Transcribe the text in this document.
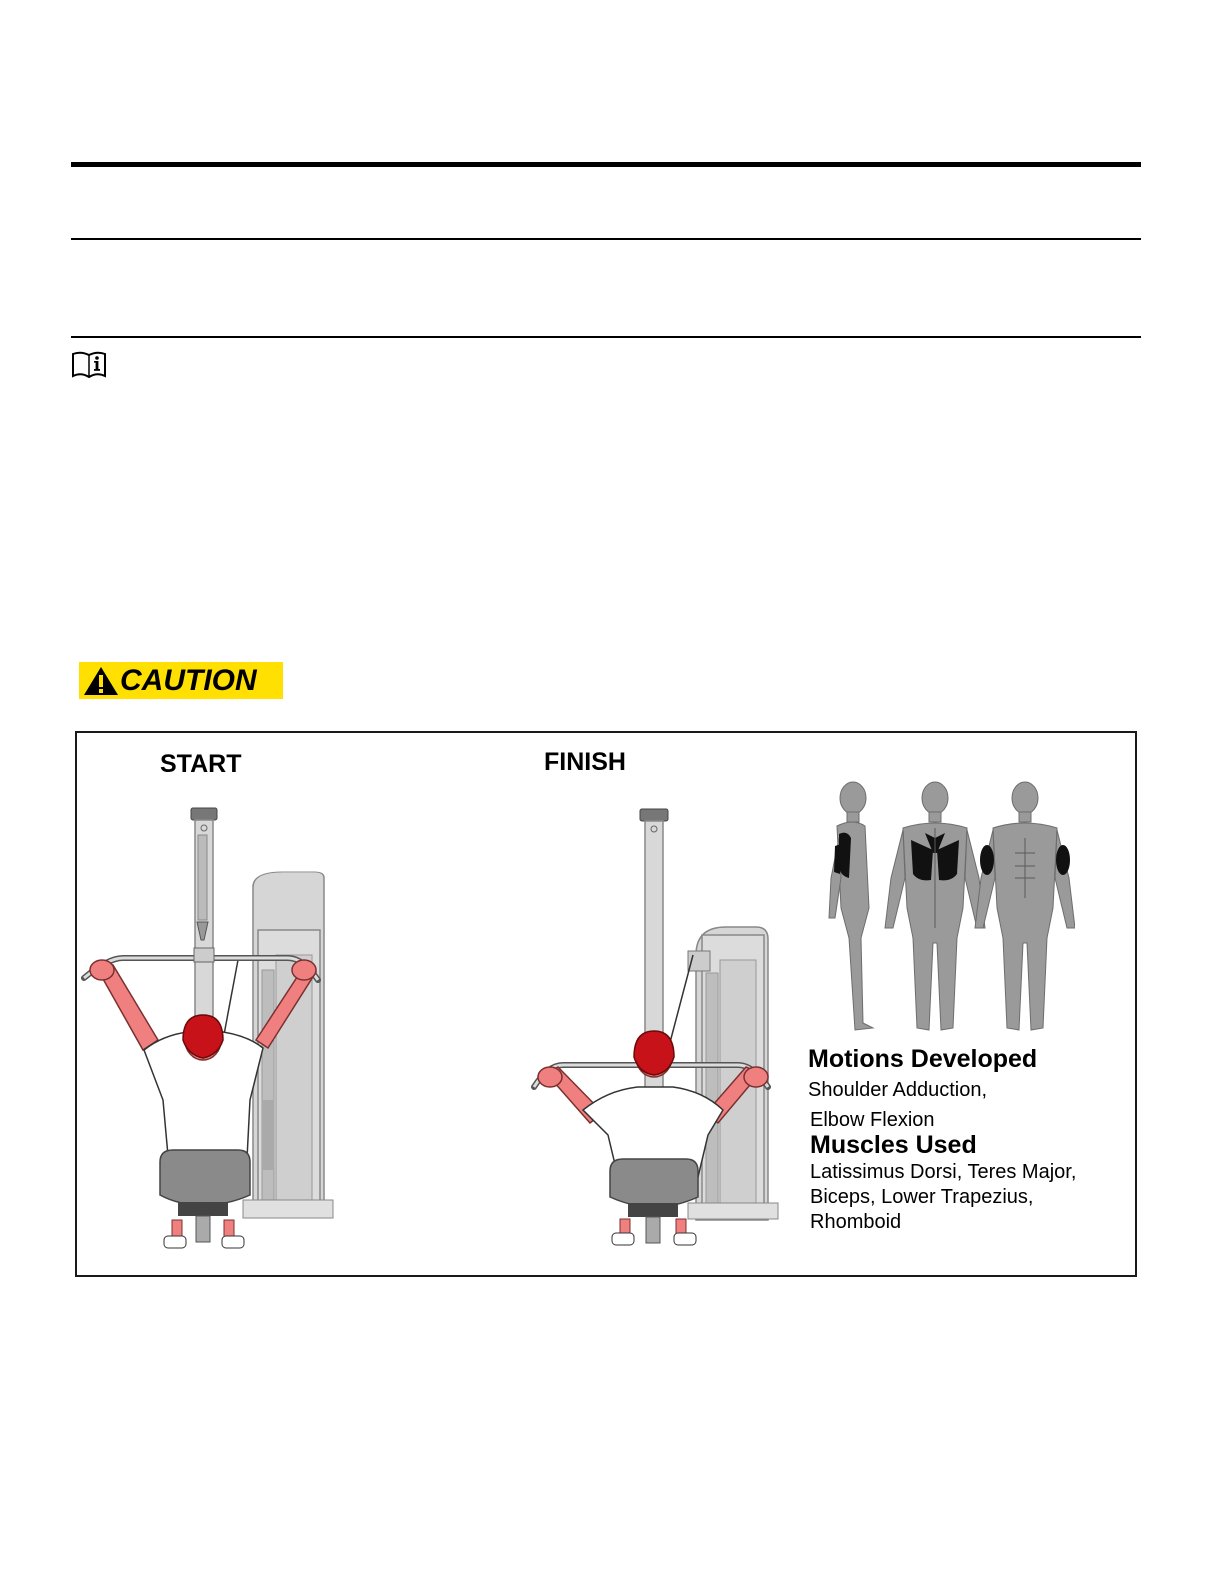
CAUTION
START	FINISH
Motions Developed
Shoulder Adduction,
Elbow Flexion
Muscles Used
Latissimus Dorsi, Teres Major,
Biceps, Lower Trapezius,
Rhomboid
